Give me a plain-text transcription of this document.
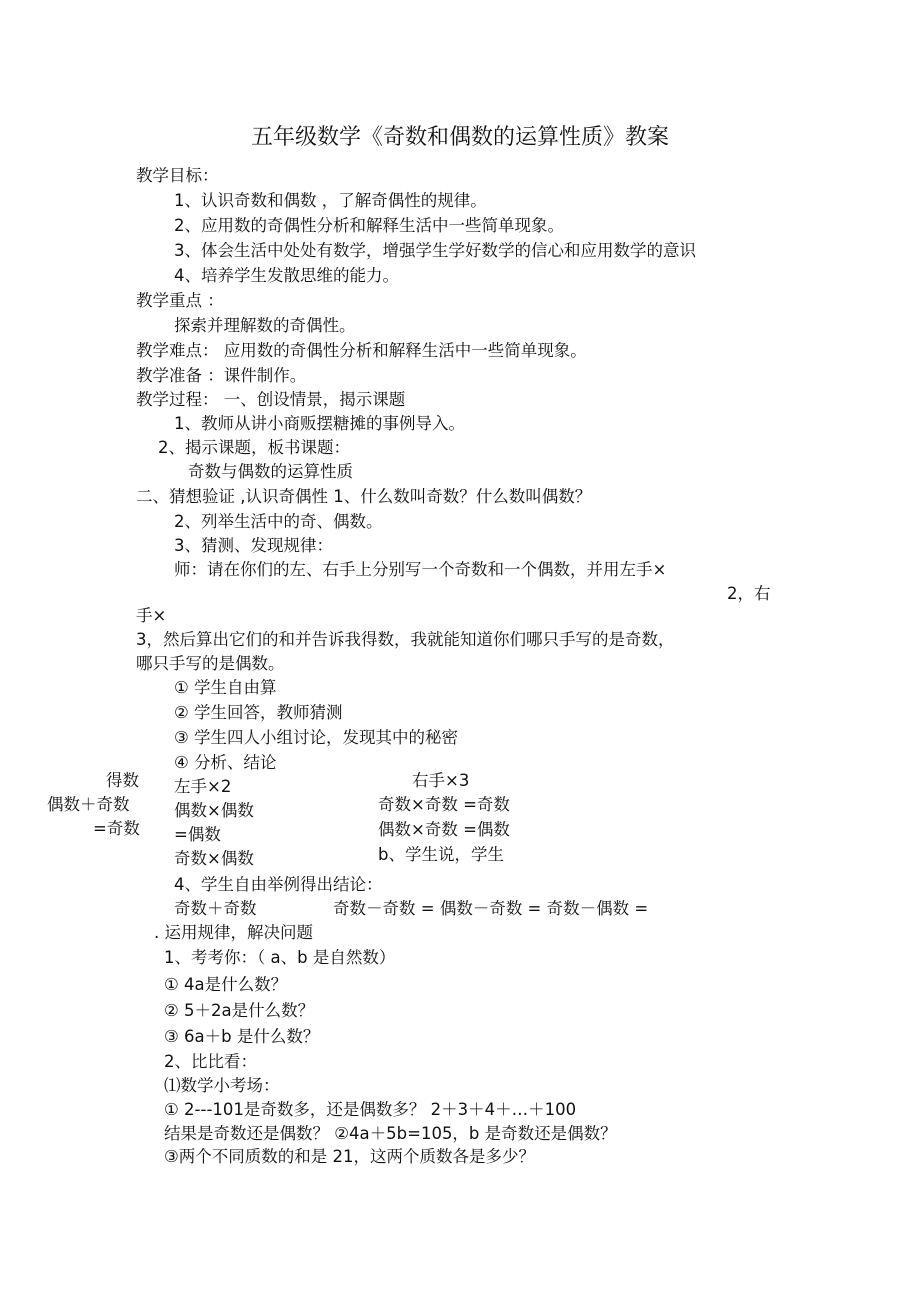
五年级数学《奇数和偶数的运算性质》教案
教学目标：
1、认识奇数和偶数 ，了解奇偶性的规律。
2、应用数的奇偶性分析和解释生活中一些简单现象。
3、体会生活中处处有数学，增强学生学好数学的信心和应用数学的意识
4、培养学生发散思维的能力。
教学重点 ：
探索并理解数的奇偶性。
教学难点： 应用数的奇偶性分析和解释生活中一些简单现象。
教学准备 ：课件制作。
教学过程： 一、创设情景，揭示课题
1、教师从讲小商贩摆糖摊的事例导入。
2、揭示课题，板书课题：
奇数与偶数的运算性质
二、猜想验证 ,认识奇偶性 1、什么数叫奇数？什么数叫偶数？
2、列举生活中的奇、偶数。
3、猜测、发现规律：
师：请在你们的左、右手上分别写一个奇数和一个偶数，并用左手×
2，右
手×
3，然后算出它们的和并告诉我得数，我就能知道你们哪只手写的是奇数，
哪只手写的是偶数。
① 学生自由算
② 学生回答，教师猜测
③ 学生四人小组讨论，发现其中的秘密
④ 分析、结论
得数
偶数＋奇数
=奇数
左手×2
偶数×偶数
=偶数
奇数×偶数
右手×3
奇数×奇数 =奇数
偶数×奇数 =偶数
b、学生说，学生
4、学生自由举例得出结论：
奇数＋奇数	奇数－奇数 = 偶数－奇数 = 奇数－偶数 =
. 运用规律，解决问题
1、考考你：（ a、b 是自然数）
① 4a是什么数？
② 5＋2a是什么数？
③ 6a＋b 是什么数？
2、比比看：
⑴数学小考场：
① 2---101是奇数多，还是偶数多？ 2＋3＋4＋…＋100
结果是奇数还是偶数？ ②4a＋5b=105，b 是奇数还是偶数？
③两个不同质数的和是 21，这两个质数各是多少？
